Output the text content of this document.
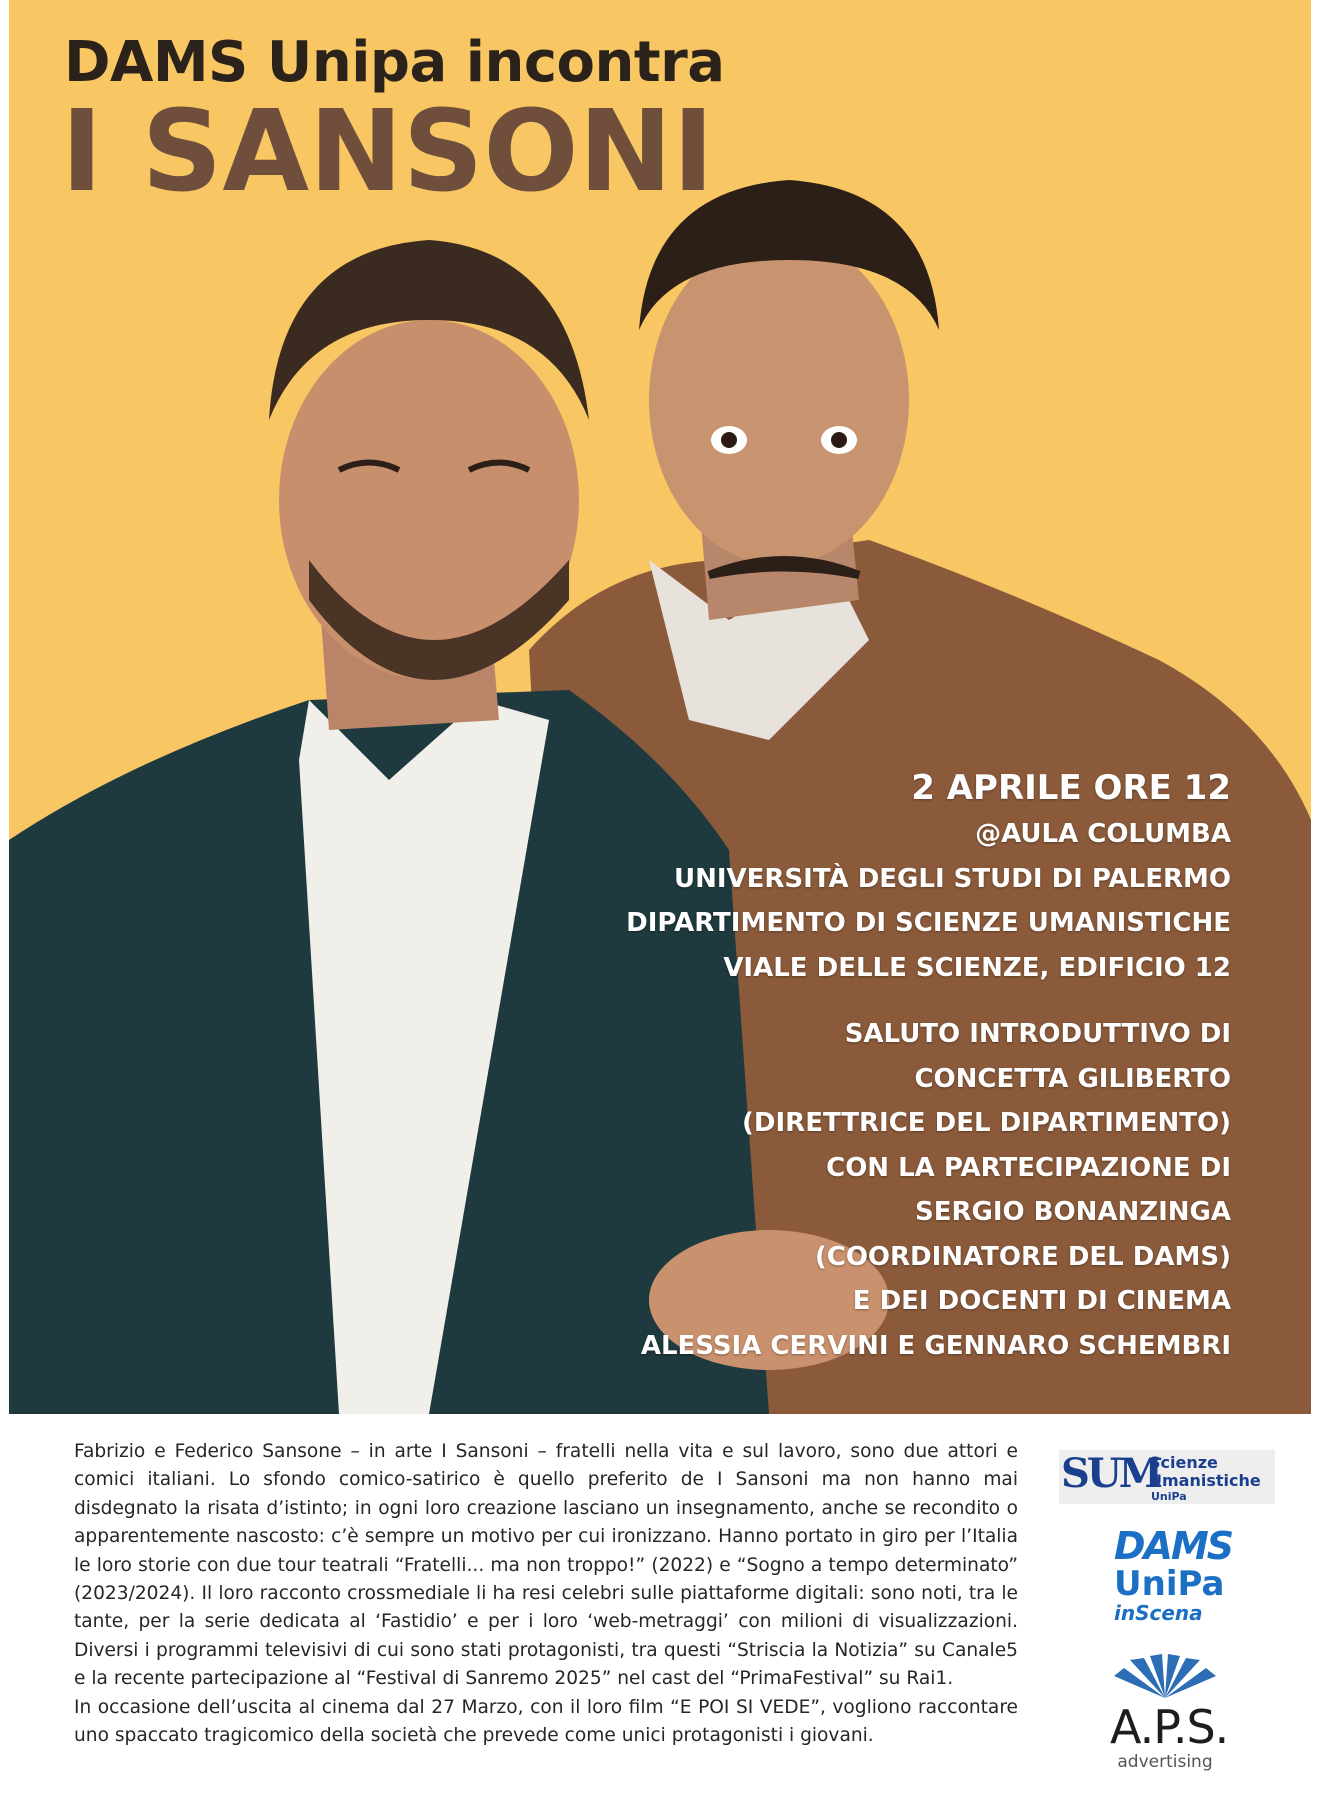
DAMS Unipa incontra
I SANSONI
2 APRILE ORE 12
@AULA COLUMBA
UNIVERSITÀ DEGLI STUDI DI PALERMO
DIPARTIMENTO DI SCIENZE UMANISTICHE
VIALE DELLE SCIENZE, EDIFICIO 12
SALUTO INTRODUTTIVO DI
CONCETTA GILIBERTO
(DIRETTRICE DEL DIPARTIMENTO)
CON LA PARTECIPAZIONE DI
SERGIO BONANZINGA
(COORDINATORE DEL DAMS)
E DEI DOCENTI DI CINEMA
ALESSIA CERVINI E GENNARO SCHEMBRI

Fabrizio e Federico Sansone – in arte I Sansoni – fratelli nella vita e sul lavoro, sono due attori e comici italiani. Lo sfondo comico-satirico è quello preferito de I Sansoni ma non hanno mai disdegnato la risata d’istinto; in ogni loro creazione lasciano un insegnamento, anche se recondito o apparentemente nascosto: c’è sempre un motivo per cui ironizzano. Hanno portato in giro per l’Italia le loro storie con due tour teatrali “Fratelli... ma non troppo!” (2022) e “Sogno a tempo determinato” (2023/2024). Il loro racconto crossmediale li ha resi celebri sulle piattaforme digitali: sono noti, tra le tante, per la serie dedicata al ‘Fastidio’ e per i loro ‘web-metraggi’ con milioni di visualizzazioni. Diversi i programmi televisivi di cui sono stati protagonisti, tra questi “Striscia la Notizia” su Canale5 e la recente partecipazione al “Festival di Sanremo 2025” nel cast del “PrimaFestival” su Rai1.

In occasione dell’uscita al cinema dal 27 Marzo, con il loro film “E POI SI VEDE”, vogliono raccontare uno spaccato tragicomico della società che prevede come unici protagonisti i giovani.

SUM
Scienze
Umanistiche
UniPa
DAMS
UniPa
inScena
A.P.S.
advertising
